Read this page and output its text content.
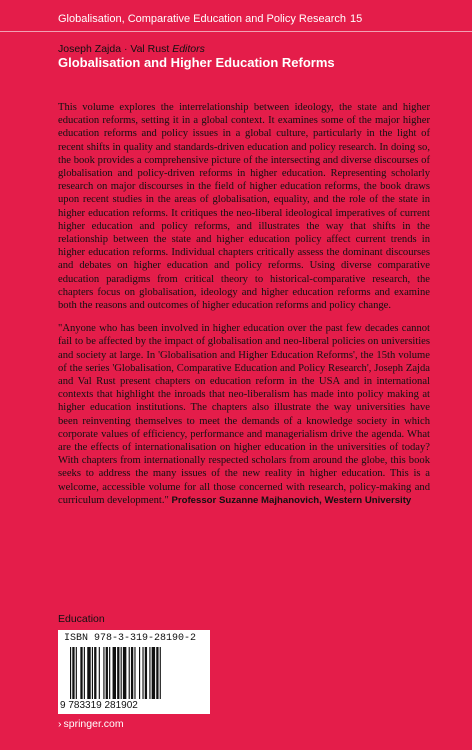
Globalisation, Comparative Education and Policy Research 15
Joseph Zajda · Val Rust Editors
Globalisation and Higher Education Reforms

This volume explores the interrelationship between ideology, the state and higher education reforms, setting it in a global context. It examines some of the major higher education reforms and policy issues in a global culture, particularly in the light of recent shifts in quality and standards-driven education and policy research. In doing so, the book provides a comprehensive picture of the intersecting and diverse discourses of globalisation and policy-driven reforms in higher education. Representing scholarly research on major discourses in the field of higher education reforms, the book draws upon recent studies in the areas of globalisation, equality, and the role of the state in higher education reforms. It critiques the neo-liberal ideological imperatives of current higher education and policy reforms, and illustrates the way that shifts in the relationship between the state and higher education policy affect current trends in higher education reforms. Individual chapters critically assess the dominant discourses and debates on higher education and policy reforms. Using diverse comparative education paradigms from critical theory to historical-comparative research, the chapters focus on globalisation, ideology and higher education reforms and examine both the reasons and outcomes of higher education reforms and policy change.

"Anyone who has been involved in higher education over the past few decades cannot fail to be affected by the impact of globalisation and neo-liberal policies on universities and society at large. In 'Globalisation and Higher Education Reforms', the 15th volume of the series 'Globalisation, Comparative Education and Policy Research', Joseph Zajda and Val Rust present chapters on education reform in the USA and in international contexts that highlight the inroads that neo-liberalism has made into policy making at higher education institutions. The chapters also illustrate the way universities have been reinventing themselves to meet the demands of a knowledge society in which corporate values of efficiency, performance and managerialism drive the agenda. What are the effects of internationalisation on higher education in the universities of today? With chapters from internationally respected scholars from around the globe, this book seeks to address the many issues of the new reality in higher education. This is a welcome, accessible volume for all those concerned with research, policy-making and curriculum development." Professor Suzanne Majhanovich, Western University

Education
ISBN 978-3-319-28190-2
9 783319 281902
› springer.com
